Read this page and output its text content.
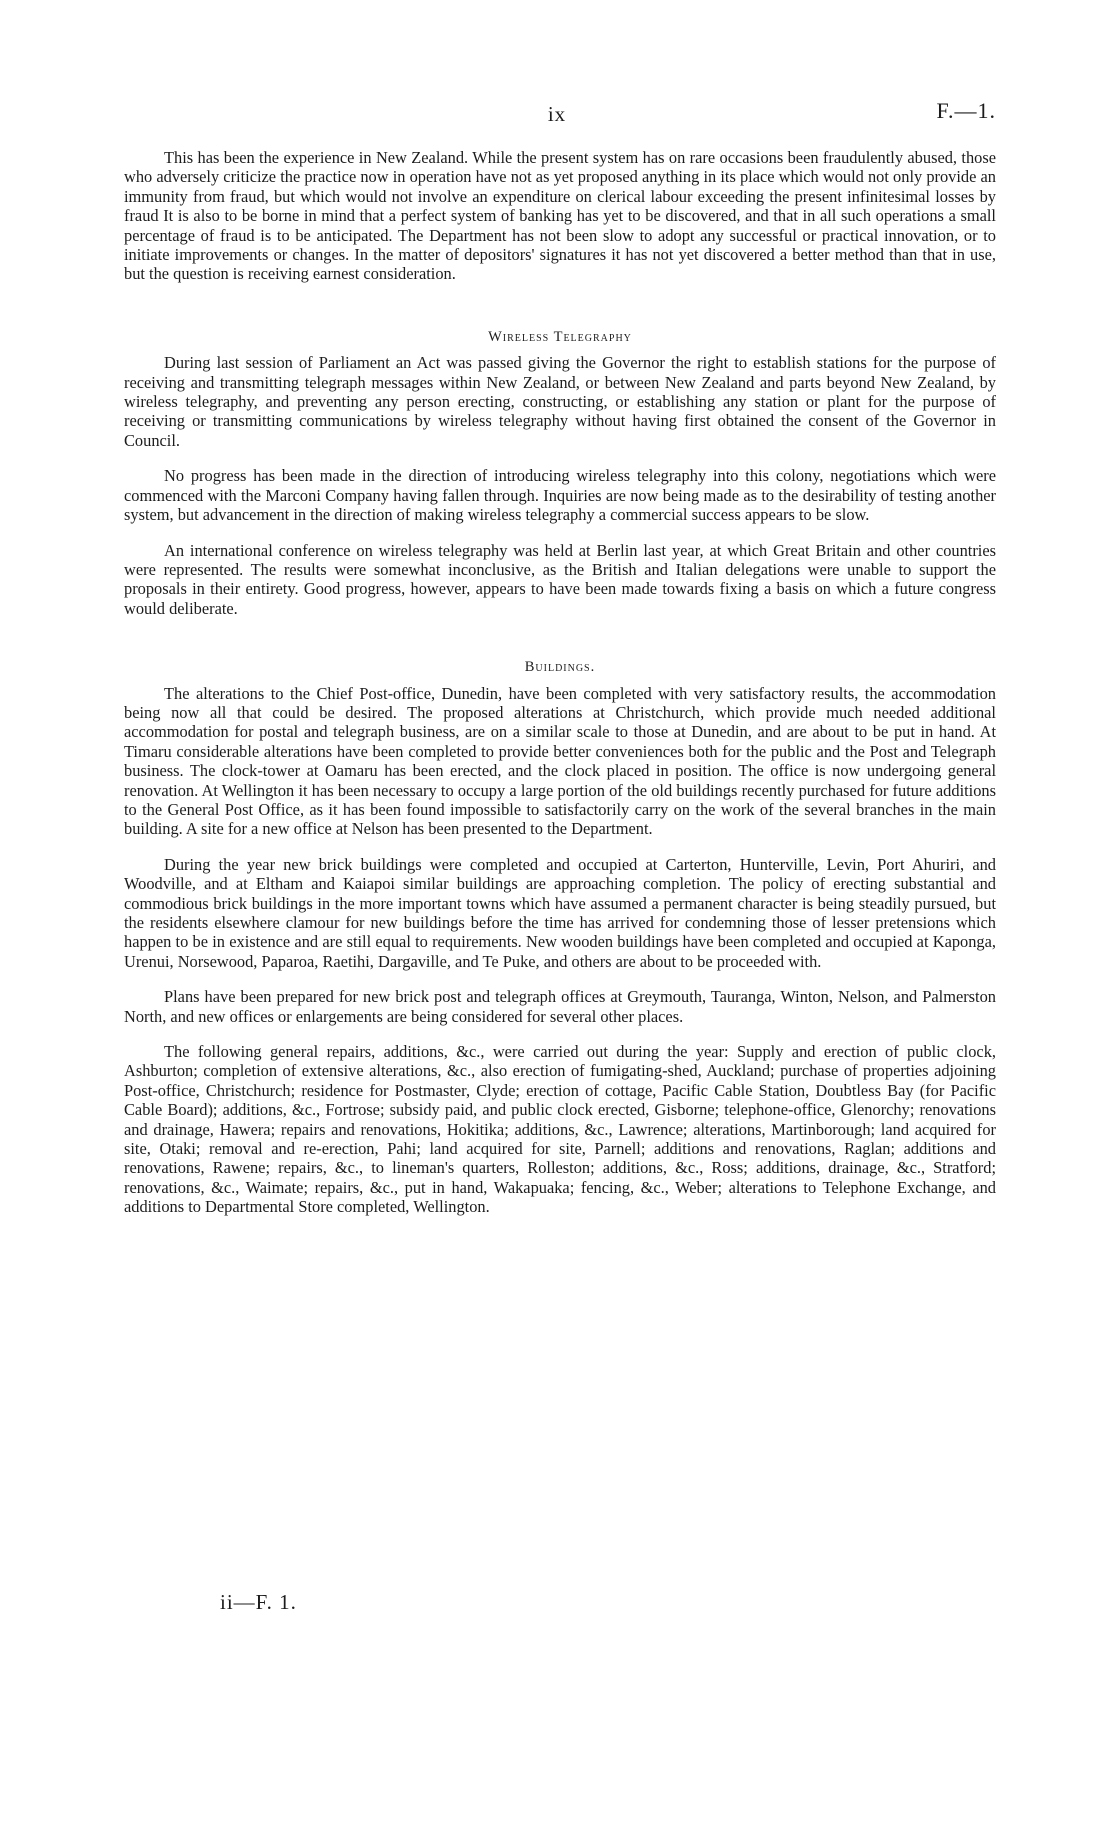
ix	F.—1.

This has been the experience in New Zealand. While the present system has on rare occasions been fraudulently abused, those who adversely criticize the practice now in operation have not as yet proposed anything in its place which would not only provide an immunity from fraud, but which would not involve an expenditure on clerical labour exceeding the present infinitesimal losses by fraud It is also to be borne in mind that a perfect system of banking has yet to be discovered, and that in all such operations a small percentage of fraud is to be anticipated. The Department has not been slow to adopt any successful or practical innovation, or to initiate improvements or changes. In the matter of depositors' signatures it has not yet discovered a better method than that in use, but the question is receiving earnest consideration.

Wireless Telegraphy

During last session of Parliament an Act was passed giving the Governor the right to establish stations for the purpose of receiving and transmitting telegraph messages within New Zealand, or between New Zealand and parts beyond New Zealand, by wireless telegraphy, and preventing any person erecting, constructing, or establishing any station or plant for the purpose of receiving or transmitting communications by wireless telegraphy without having first obtained the consent of the Governor in Council.

No progress has been made in the direction of introducing wireless telegraphy into this colony, negotiations which were commenced with the Marconi Company having fallen through. Inquiries are now being made as to the desirability of testing another system, but advancement in the direction of making wireless telegraphy a commercial success appears to be slow.

An international conference on wireless telegraphy was held at Berlin last year, at which Great Britain and other countries were represented. The results were somewhat inconclusive, as the British and Italian delegations were unable to support the proposals in their entirety. Good progress, however, appears to have been made towards fixing a basis on which a future congress would deliberate.

Buildings.

The alterations to the Chief Post-office, Dunedin, have been completed with very satisfactory results, the accommodation being now all that could be desired. The proposed alterations at Christchurch, which provide much needed additional accommodation for postal and telegraph business, are on a similar scale to those at Dunedin, and are about to be put in hand. At Timaru considerable alterations have been completed to provide better conveniences both for the public and the Post and Telegraph business. The clock-tower at Oamaru has been erected, and the clock placed in position. The office is now undergoing general renovation. At Wellington it has been necessary to occupy a large portion of the old buildings recently purchased for future additions to the General Post Office, as it has been found impossible to satisfactorily carry on the work of the several branches in the main building. A site for a new office at Nelson has been presented to the Department.

During the year new brick buildings were completed and occupied at Carterton, Hunterville, Levin, Port Ahuriri, and Woodville, and at Eltham and Kaiapoi similar buildings are approaching completion. The policy of erecting substantial and commodious brick buildings in the more important towns which have assumed a permanent character is being steadily pursued, but the residents elsewhere clamour for new buildings before the time has arrived for condemning those of lesser pretensions which happen to be in existence and are still equal to requirements. New wooden buildings have been completed and occupied at Kaponga, Urenui, Norsewood, Paparoa, Raetihi, Dargaville, and Te Puke, and others are about to be proceeded with.

Plans have been prepared for new brick post and telegraph offices at Greymouth, Tauranga, Winton, Nelson, and Palmerston North, and new offices or enlargements are being considered for several other places.

The following general repairs, additions, &c., were carried out during the year: Supply and erection of public clock, Ashburton; completion of extensive alterations, &c., also erection of fumigating-shed, Auckland; purchase of properties adjoining Post-office, Christchurch; residence for Postmaster, Clyde; erection of cottage, Pacific Cable Station, Doubtless Bay (for Pacific Cable Board); additions, &c., Fortrose; subsidy paid, and public clock erected, Gisborne; telephone-office, Glenorchy; renovations and drainage, Hawera; repairs and renovations, Hokitika; additions, &c., Lawrence; alterations, Martinborough; land acquired for site, Otaki; removal and re-erection, Pahi; land acquired for site, Parnell; additions and renovations, Raglan; additions and renovations, Rawene; repairs, &c., to lineman's quarters, Rolleston; additions, &c., Ross; additions, drainage, &c., Stratford; renovations, &c., Waimate; repairs, &c., put in hand, Wakapuaka; fencing, &c., Weber; alterations to Telephone Exchange, and additions to Departmental Store completed, Wellington.

ii—F. 1.
